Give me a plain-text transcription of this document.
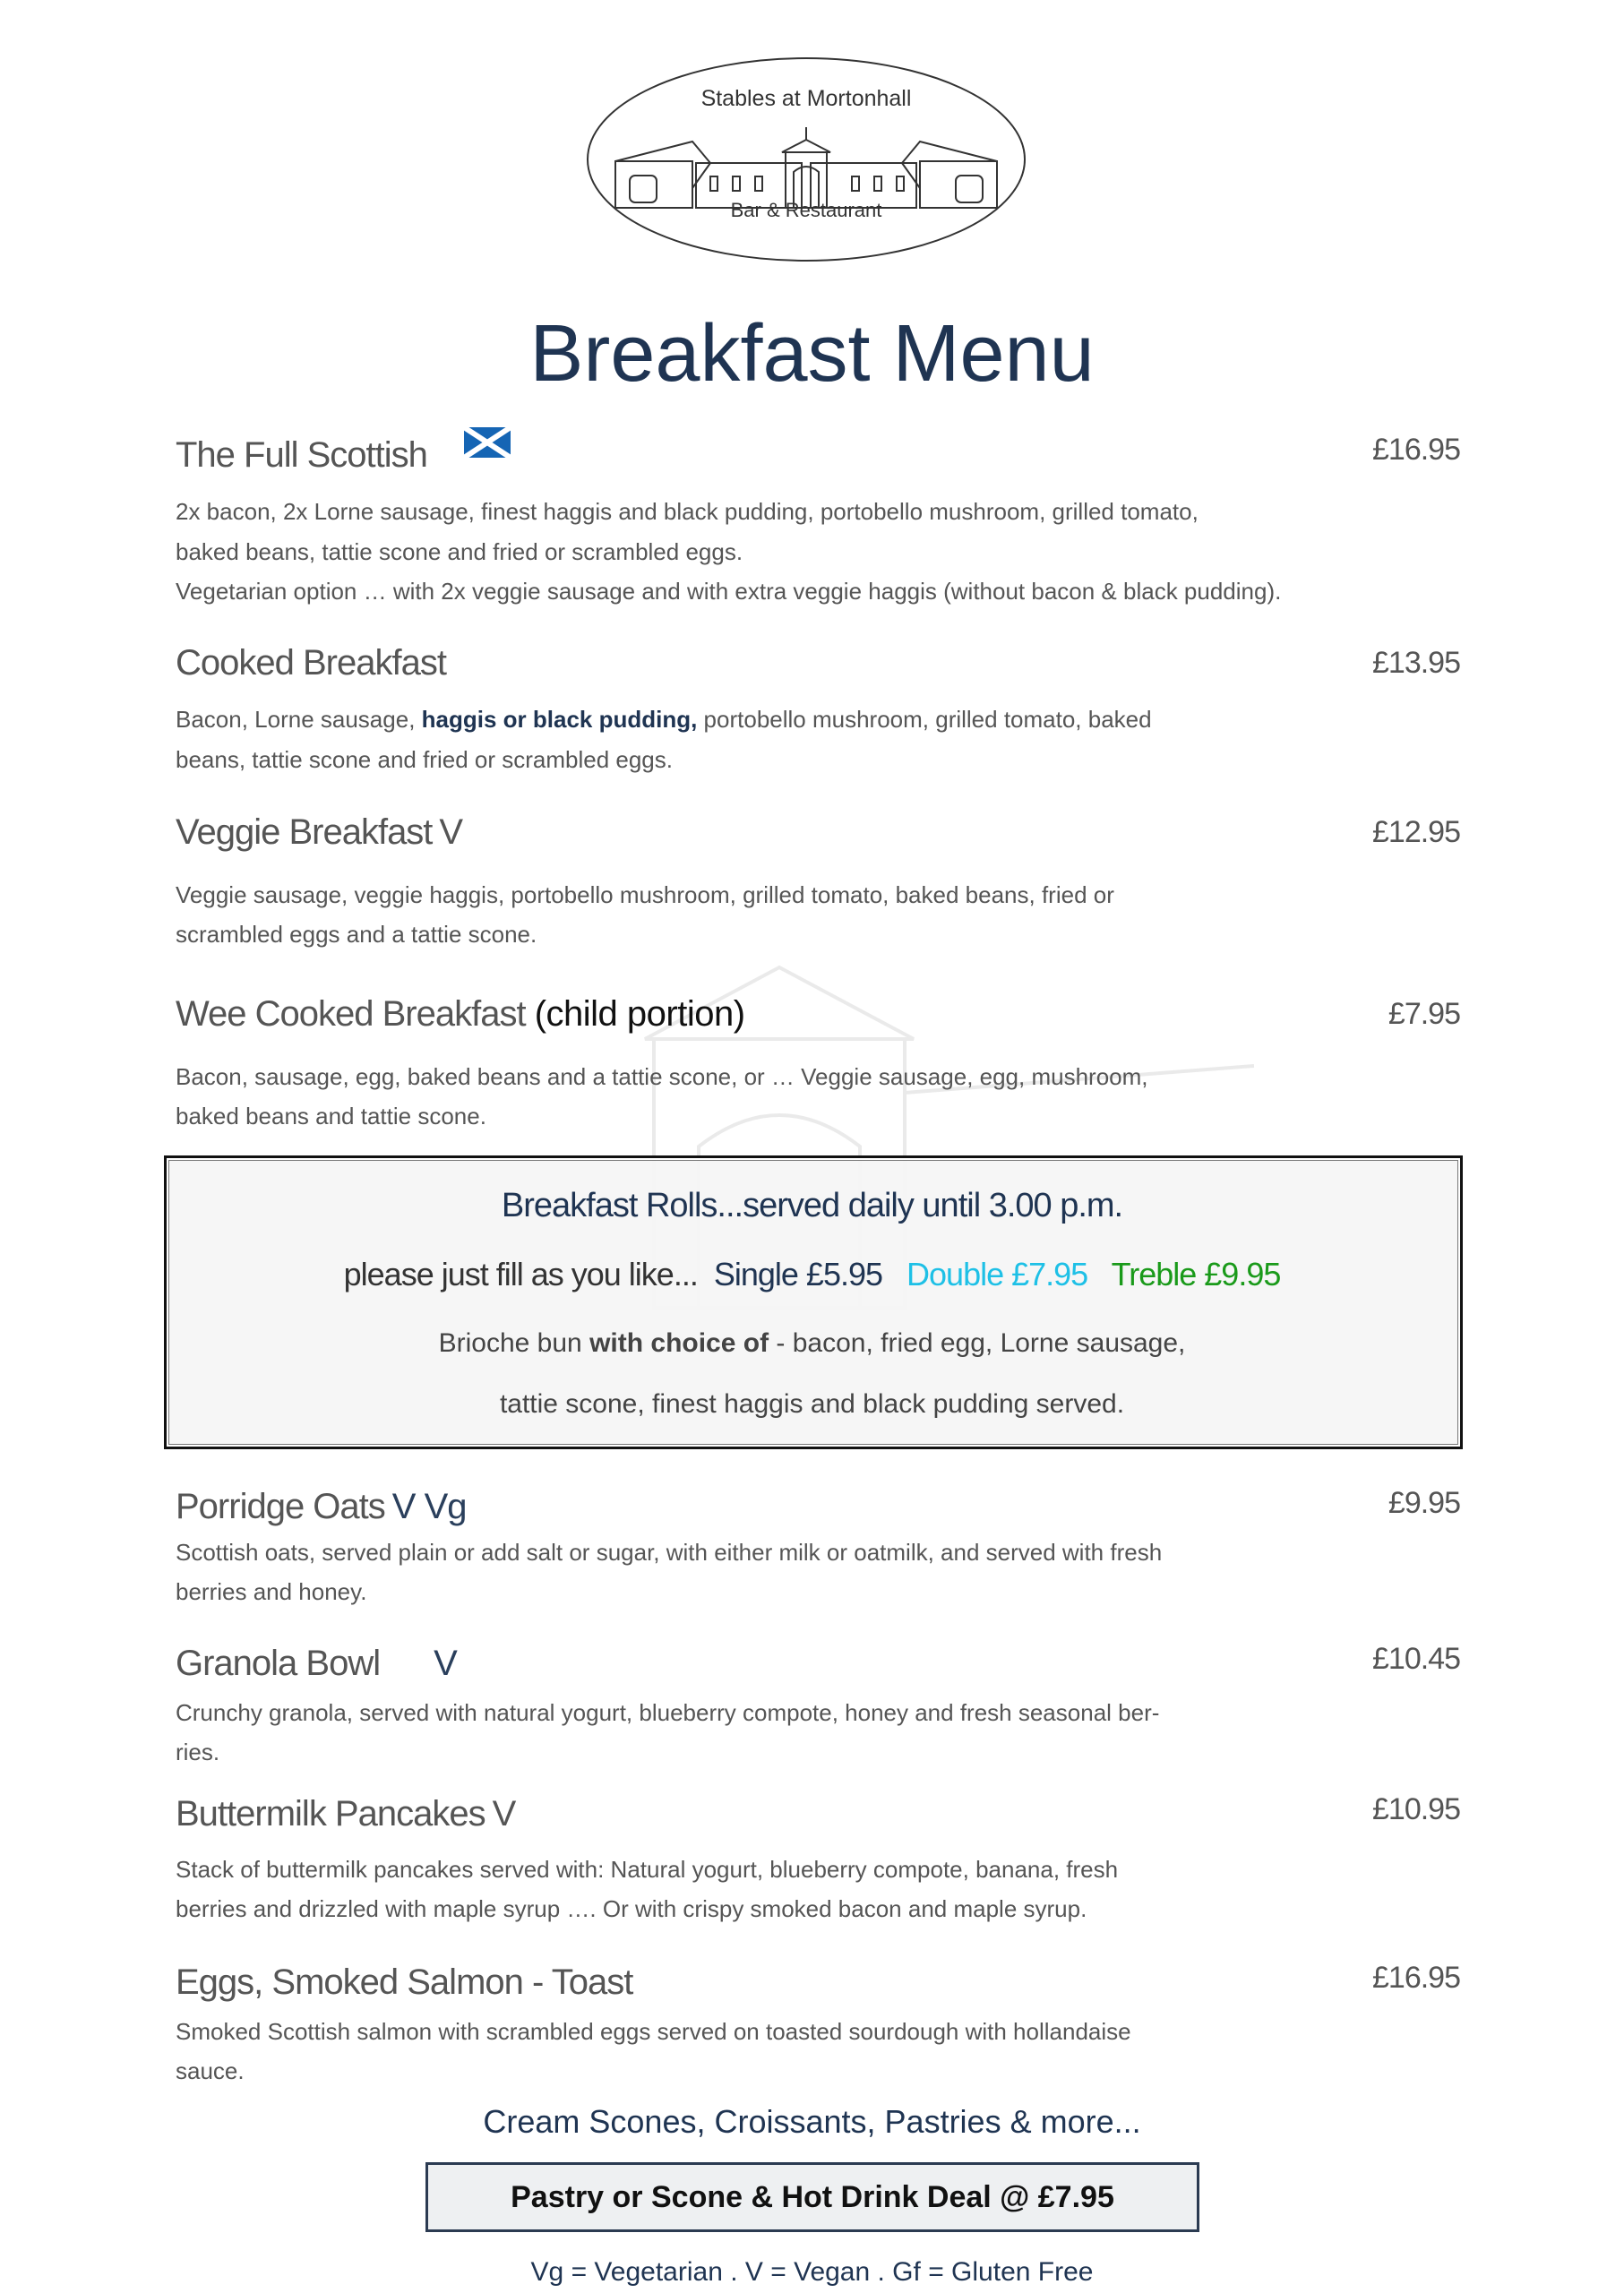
Stables at Mortonhall
Bar & Restaurant
Breakfast Menu
The Full Scottish	£16.95
2x bacon, 2x Lorne sausage, finest haggis and black pudding, portobello mushroom, grilled tomato,
baked beans, tattie scone and fried or scrambled eggs.
Vegetarian option … with 2x veggie sausage and with extra veggie haggis (without bacon & black pudding).
Cooked Breakfast	£13.95
Bacon, Lorne sausage, haggis or black pudding, portobello mushroom, grilled tomato, baked
beans, tattie scone and fried or scrambled eggs.
Veggie Breakfast V	£12.95
Veggie sausage, veggie haggis, portobello mushroom, grilled tomato, baked beans, fried or
scrambled eggs and a tattie scone.
Wee Cooked Breakfast (child portion)	£7.95
Bacon, sausage, egg, baked beans and a tattie scone, or … Veggie sausage, egg, mushroom,
baked beans and tattie scone.
Breakfast Rolls...served daily until 3.00 p.m.
please just fill as you like... Single £5.95 Double £7.95 Treble £9.95
Brioche bun with choice of - bacon, fried egg, Lorne sausage,
tattie scone, finest haggis and black pudding served.
Porridge Oats V Vg	£9.95
Scottish oats, served plain or add salt or sugar, with either milk or oatmilk, and served with fresh
berries and honey.
Granola Bowl V	£10.45
Crunchy granola, served with natural yogurt, blueberry compote, honey and fresh seasonal ber-
ries.
Buttermilk Pancakes V	£10.95
Stack of buttermilk pancakes served with: Natural yogurt, blueberry compote, banana, fresh
berries and drizzled with maple syrup …. Or with crispy smoked bacon and maple syrup.
Eggs, Smoked Salmon - Toast	£16.95
Smoked Scottish salmon with scrambled eggs served on toasted sourdough with hollandaise
sauce.
Cream Scones, Croissants, Pastries & more...
Pastry or Scone & Hot Drink Deal @ £7.95
Vg = Vegetarian . V = Vegan . Gf = Gluten Free
